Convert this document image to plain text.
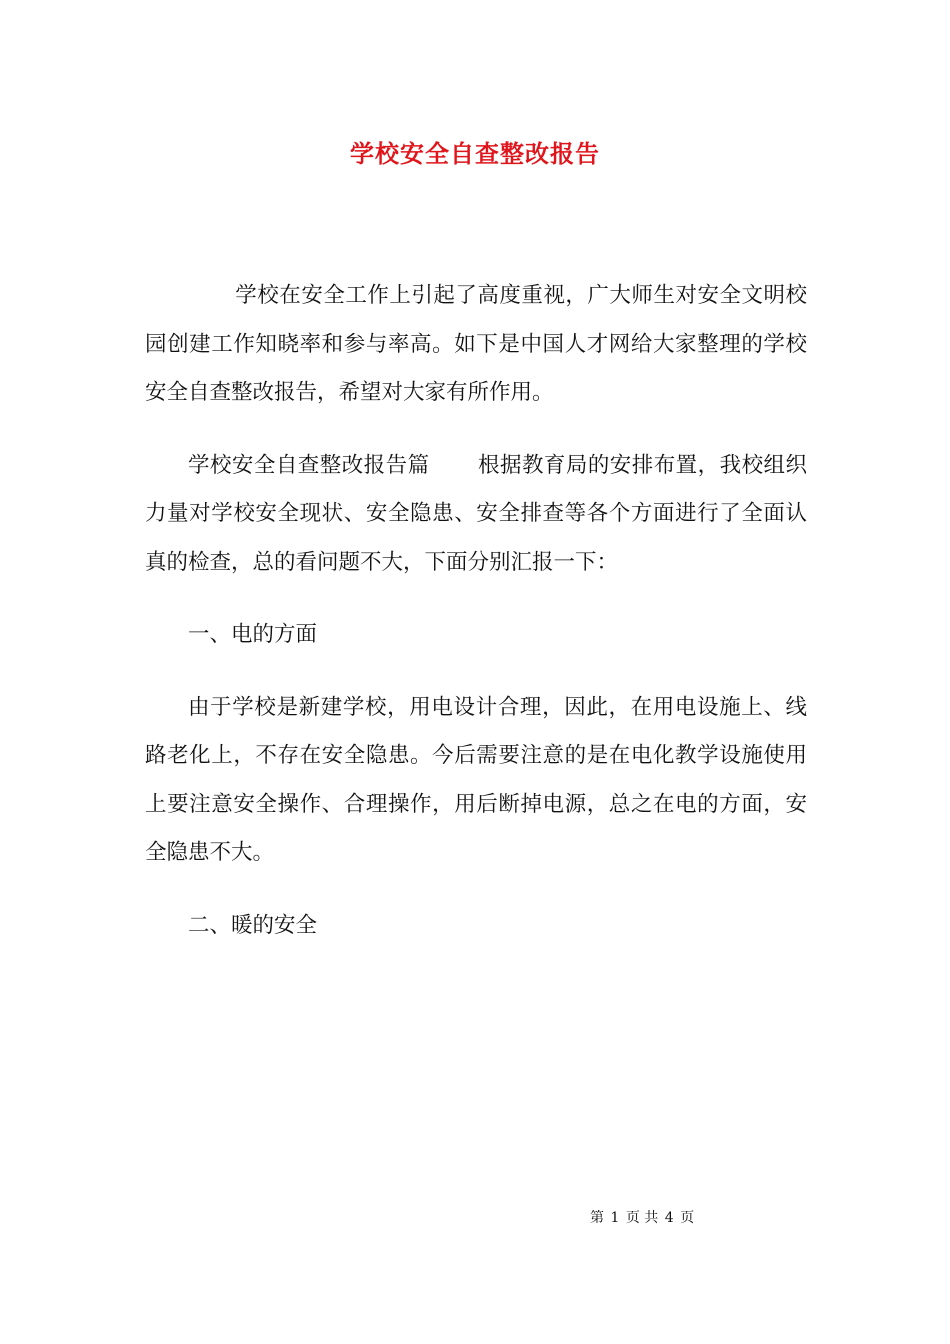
学校安全自查整改报告

学校在安全工作上引起了高度重视，广大师生对安全文明校园创建工作知晓率和参与率高。如下是中国人才网给大家整理的学校安全自查整改报告，希望对大家有所作用。

学校安全自查整改报告篇 根据教育局的安排布置，我校组织力量对学校安全现状、安全隐患、安全排查等各个方面进行了全面认真的检查，总的看问题不大，下面分别汇报一下：

一、电的方面

由于学校是新建学校，用电设计合理，因此，在用电设施上、线路老化上，不存在安全隐患。今后需要注意的是在电化教学设施使用上要注意安全操作、合理操作，用后断掉电源，总之在电的方面，安全隐患不大。

二、暖的安全

第 1 页 共 4 页
